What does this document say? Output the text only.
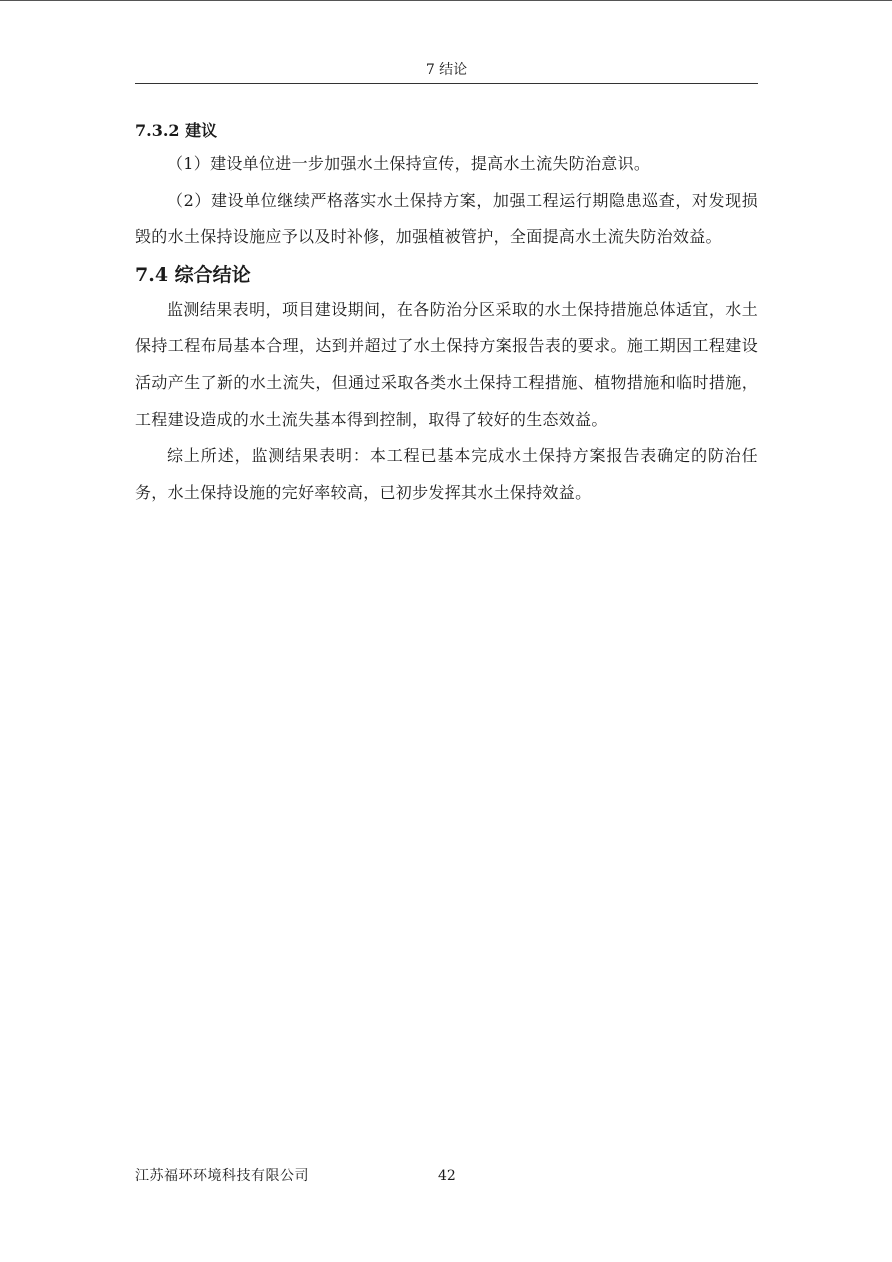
7 结论
7.3.2 建议

（1）建设单位进一步加强水土保持宣传，提高水土流失防治意识。

（2）建设单位继续严格落实水土保持方案，加强工程运行期隐患巡查，对发现损毁的水土保持设施应予以及时补修，加强植被管护，全面提高水土流失防治效益。

7.4 综合结论

监测结果表明，项目建设期间，在各防治分区采取的水土保持措施总体适宜，水土保持工程布局基本合理，达到并超过了水土保持方案报告表的要求。施工期因工程建设活动产生了新的水土流失，但通过采取各类水土保持工程措施、植物措施和临时措施，工程建设造成的水土流失基本得到控制，取得了较好的生态效益。

综上所述，监测结果表明：本工程已基本完成水土保持方案报告表确定的防治任务，水土保持设施的完好率较高，已初步发挥其水土保持效益。

江苏福环环境科技有限公司	42
